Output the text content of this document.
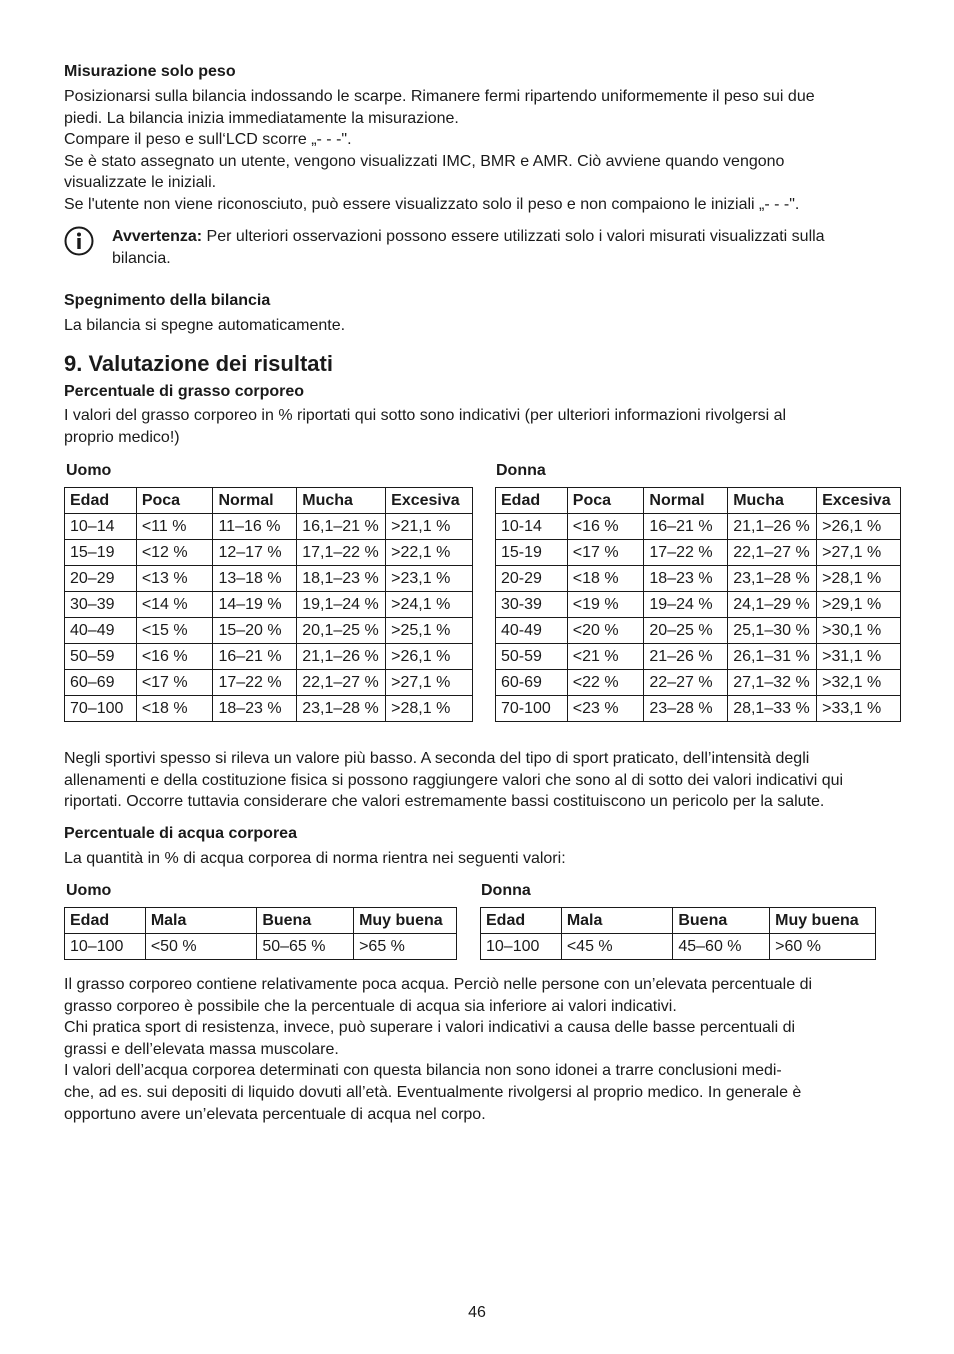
Misurazione solo peso

Posizionarsi sulla bilancia indossando le scarpe. Rimanere fermi ripartendo uniformemente il peso sui due

piedi. La bilancia inizia immediatamente la misurazione.

Compare il peso e sull‘LCD scorre „- - -".

Se è stato assegnato un utente, vengono visualizzati IMC, BMR e AMR. Ciò avviene quando vengono

visualizzate le iniziali.

Se l'utente non viene riconosciuto, può essere visualizzato solo il peso e non compaiono le iniziali „- - -".

Avvertenza: Per ulteriori osservazioni possono essere utilizzati solo i valori misurati visualizzati sulla

bilancia.

Spegnimento della bilancia

La bilancia si spegne automaticamente.

9. Valutazione dei risultati

Percentuale di grasso corporeo

I valori del grasso corporeo in % riportati qui sotto sono indicativi (per ulteriori informazioni rivolgersi al

proprio medico!)

Uomo	Donna
Edad	Poca	Normal	Mucha	Excesiva
10–14	<11 %	11–16 %	16,1–21 %	>21,1 %
15–19	<12 %	12–17 %	17,1–22 %	>22,1 %
20–29	<13 %	13–18 %	18,1–23 %	>23,1 %
30–39	<14 %	14–19 %	19,1–24 %	>24,1 %
40–49	<15 %	15–20 %	20,1–25 %	>25,1 %
50–59	<16 %	16–21 %	21,1–26 %	>26,1 %
60–69	<17 %	17–22 %	22,1–27 %	>27,1 %
70–100	<18 %	18–23 %	23,1–28 %	>28,1 %
Edad	Poca	Normal	Mucha	Excesiva
10-14	<16 %	16–21 %	21,1–26 %	>26,1 %
15-19	<17 %	17–22 %	22,1–27 %	>27,1 %
20-29	<18 %	18–23 %	23,1–28 %	>28,1 %
30-39	<19 %	19–24 %	24,1–29 %	>29,1 %
40-49	<20 %	20–25 %	25,1–30 %	>30,1 %
50-59	<21 %	21–26 %	26,1–31 %	>31,1 %
60-69	<22 %	22–27 %	27,1–32 %	>32,1 %
70-100	<23 %	23–28 %	28,1–33 %	>33,1 %

Negli sportivi spesso si rileva un valore più basso. A seconda del tipo di sport praticato, dell’intensità degli

allenamenti e della costituzione fisica si possono raggiungere valori che sono al di sotto dei valori indicativi qui

riportati. Occorre tuttavia considerare che valori estremamente bassi costituiscono un pericolo per la salute.

Percentuale di acqua corporea

La quantità in % di acqua corporea di norma rientra nei seguenti valori:

Uomo	Donna
Edad	Mala	Buena	Muy buena
10–100	<50 %	50–65 %	>65 %
Edad	Mala	Buena	Muy buena
10–100	<45 %	45–60 %	>60 %

Il grasso corporeo contiene relativamente poca acqua. Perciò nelle persone con un’elevata percentuale di

grasso corporeo è possibile che la percentuale di acqua sia inferiore ai valori indicativi.

Chi pratica sport di resistenza, invece, può superare i valori indicativi a causa delle basse percentuali di

grassi e dell’elevata massa muscolare.

I valori dell’acqua corporea determinati con questa bilancia non sono idonei a trarre conclusioni medi-

che, ad es. sui depositi di liquido dovuti all’età. Eventualmente rivolgersi al proprio medico. In generale è

opportuno avere un’elevata percentuale di acqua nel corpo.

46
